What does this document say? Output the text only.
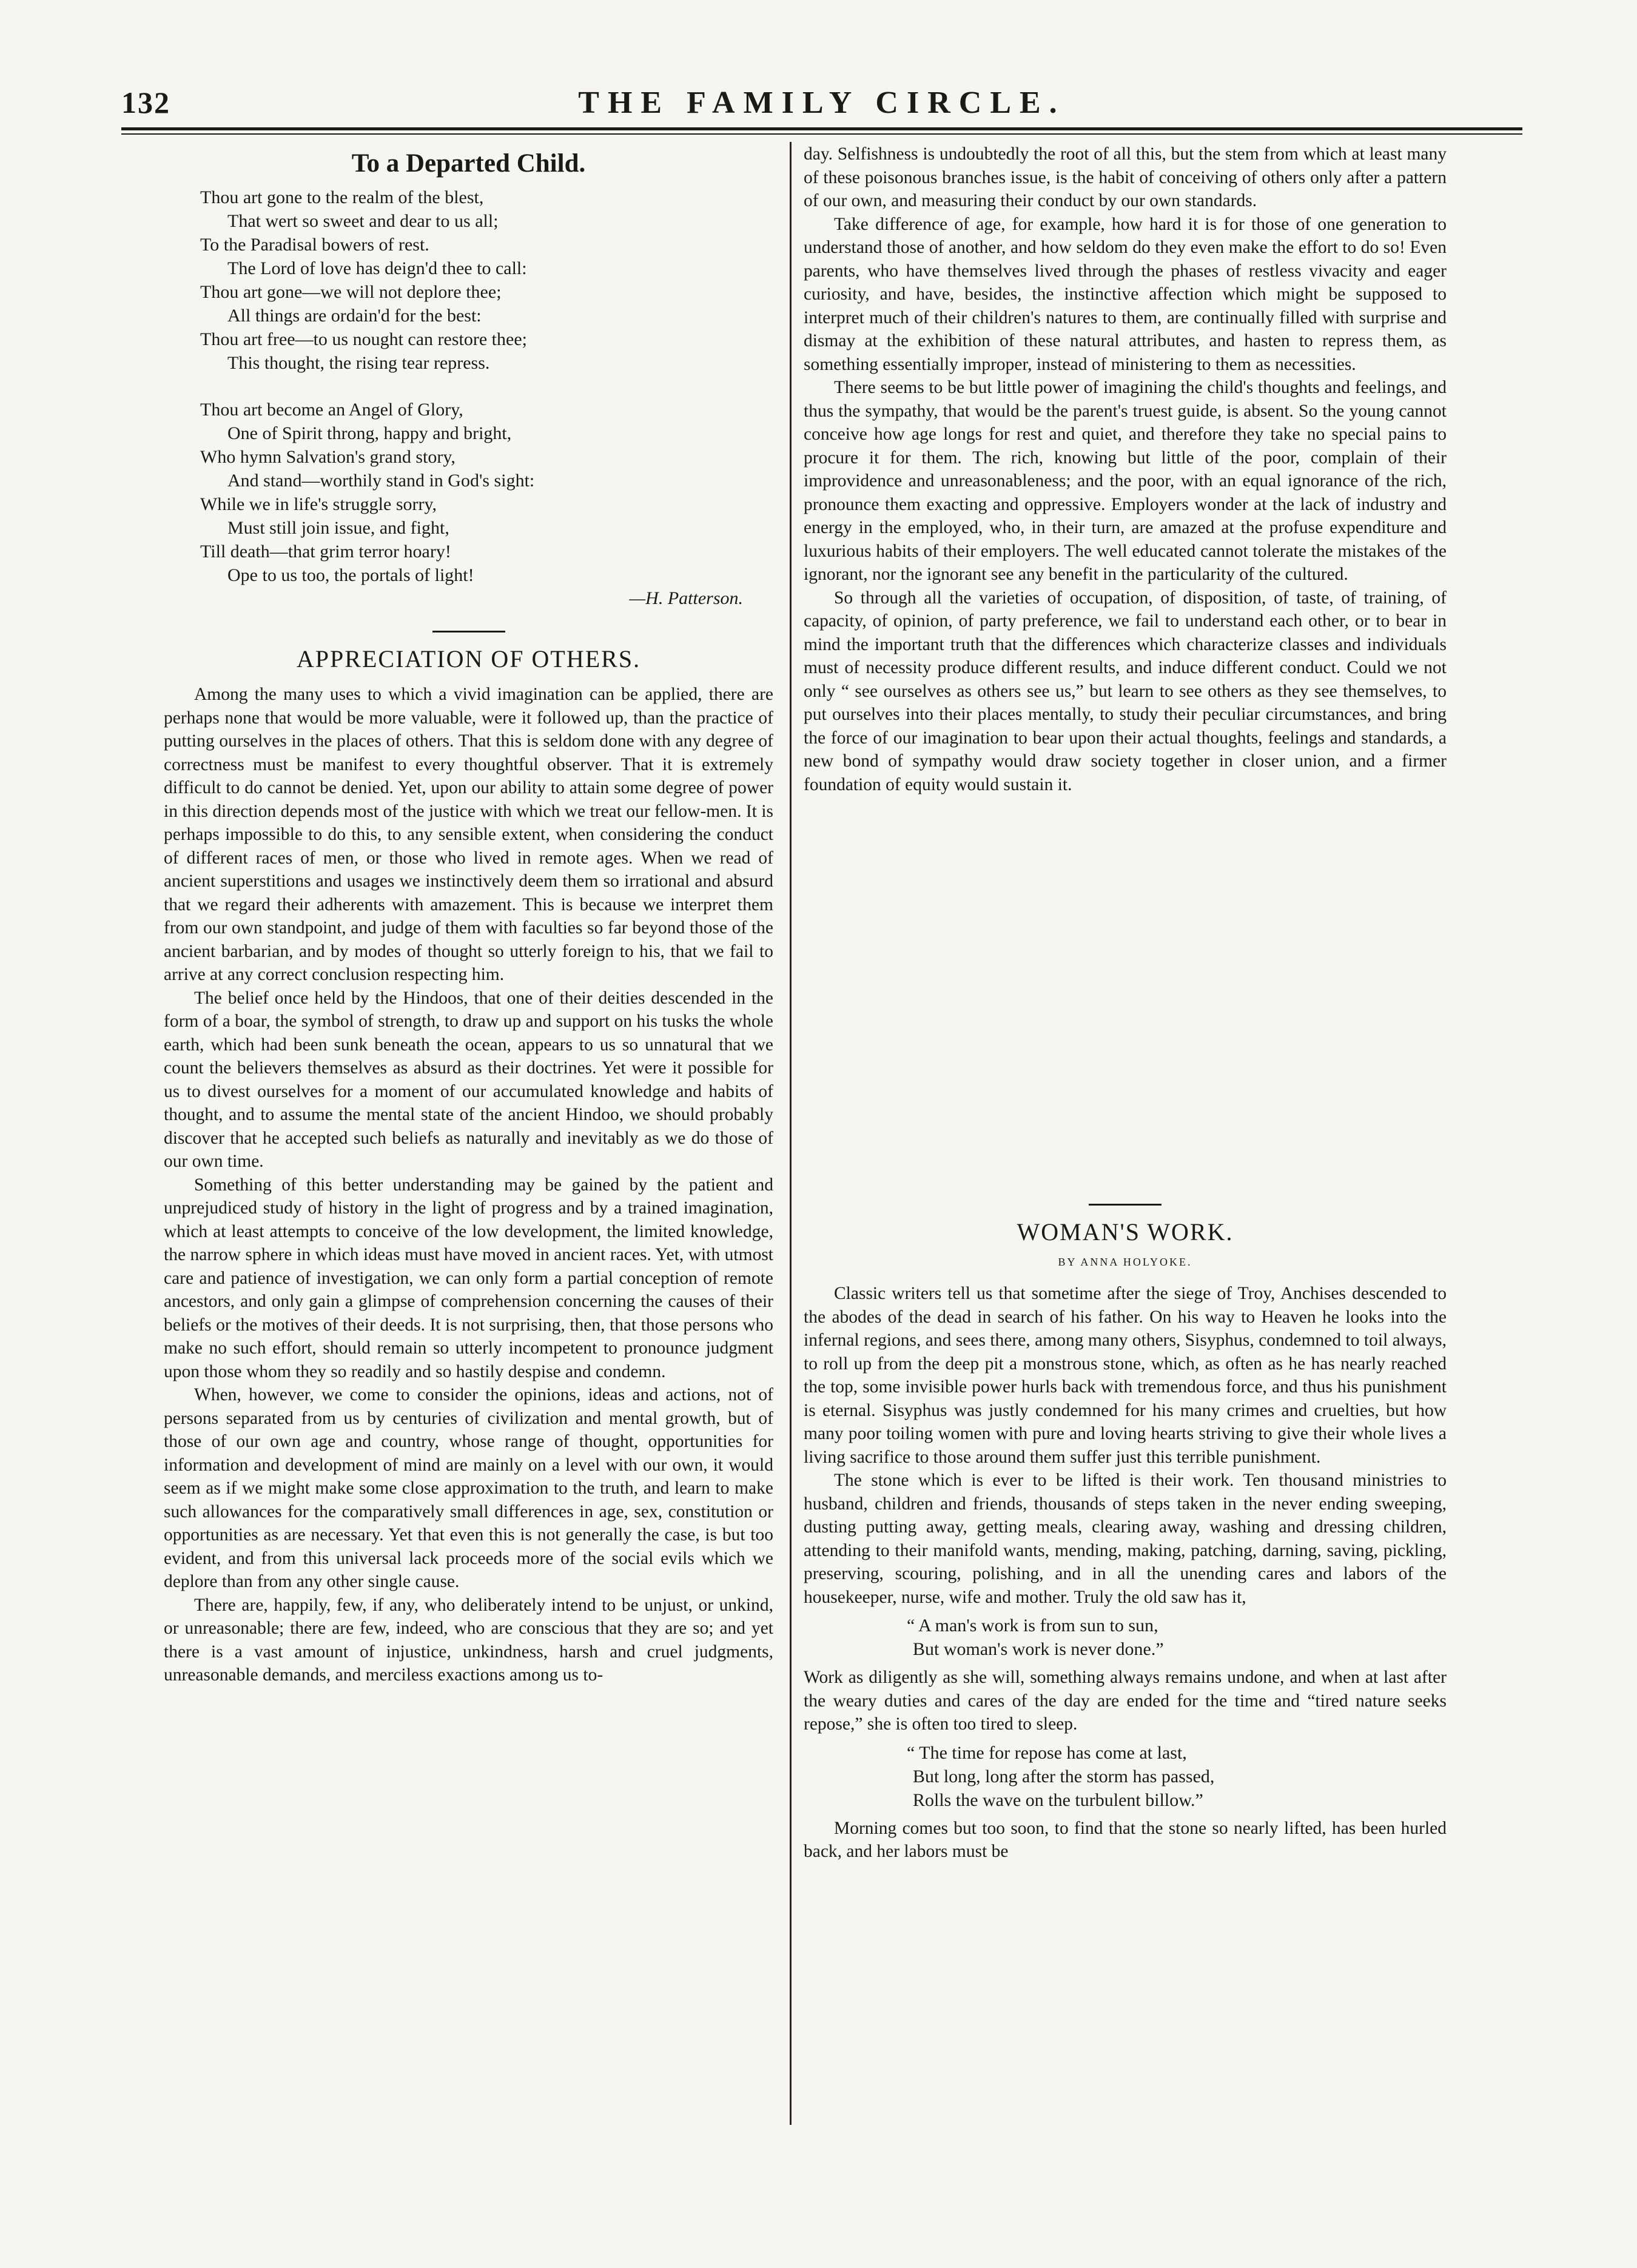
132	THE FAMILY CIRCLE.
To a Departed Child.
Thou art gone to the realm of the blest,
That wert so sweet and dear to us all;
To the Paradisal bowers of rest.
The Lord of love has deign'd thee to call:
Thou art gone—we will not deplore thee;
All things are ordain'd for the best:
Thou art free—to us nought can restore thee;
This thought, the rising tear repress.
Thou art become an Angel of Glory,
One of Spirit throng, happy and bright,
Who hymn Salvation's grand story,
And stand—worthily stand in God's sight:
While we in life's struggle sorry,
Must still join issue, and fight,
Till death—that grim terror hoary!
Ope to us too, the portals of light!
—H. Patterson.
APPRECIATION OF OTHERS.

Among the many uses to which a vivid imagination can be applied, there are perhaps none that would be more valuable, were it followed up, than the practice of putting ourselves in the places of others. That this is seldom done with any degree of correctness must be manifest to every thoughtful observer. That it is extremely difficult to do cannot be denied. Yet, upon our ability to attain some degree of power in this direction depends most of the justice with which we treat our fellow-men. It is perhaps impossible to do this, to any sensible extent, when considering the conduct of different races of men, or those who lived in remote ages. When we read of ancient superstitions and usages we instinctively deem them so irrational and absurd that we regard their adherents with amazement. This is because we interpret them from our own standpoint, and judge of them with faculties so far beyond those of the ancient barbarian, and by modes of thought so utterly foreign to his, that we fail to arrive at any correct conclusion respecting him.

The belief once held by the Hindoos, that one of their deities descended in the form of a boar, the symbol of strength, to draw up and support on his tusks the whole earth, which had been sunk beneath the ocean, appears to us so unnatural that we count the believers themselves as absurd as their doctrines. Yet were it possible for us to divest ourselves for a moment of our accumulated knowledge and habits of thought, and to assume the mental state of the ancient Hindoo, we should probably discover that he accepted such beliefs as naturally and inevitably as we do those of our own time.

Something of this better understanding may be gained by the patient and unprejudiced study of history in the light of progress and by a trained imagination, which at least attempts to conceive of the low development, the limited knowledge, the narrow sphere in which ideas must have moved in ancient races. Yet, with utmost care and patience of investigation, we can only form a partial conception of remote ancestors, and only gain a glimpse of comprehension concerning the causes of their beliefs or the motives of their deeds. It is not surprising, then, that those persons who make no such effort, should remain so utterly incompetent to pronounce judgment upon those whom they so readily and so hastily despise and condemn.

When, however, we come to consider the opinions, ideas and actions, not of persons separated from us by centuries of civilization and mental growth, but of those of our own age and country, whose range of thought, opportunities for information and development of mind are mainly on a level with our own, it would seem as if we might make some close approximation to the truth, and learn to make such allowances for the comparatively small differences in age, sex, constitution or opportunities as are necessary. Yet that even this is not generally the case, is but too evident, and from this universal lack proceeds more of the social evils which we deplore than from any other single cause.

There are, happily, few, if any, who deliberately intend to be unjust, or unkind, or unreasonable; there are few, indeed, who are conscious that they are so; and yet there is a vast amount of injustice, unkindness, harsh and cruel judgments, unreasonable demands, and merciless exactions among us to-

day. Selfishness is undoubtedly the root of all this, but the stem from which at least many of these poisonous branches issue, is the habit of conceiving of others only after a pattern of our own, and measuring their conduct by our own standards.

Take difference of age, for example, how hard it is for those of one generation to understand those of another, and how seldom do they even make the effort to do so! Even parents, who have themselves lived through the phases of restless vivacity and eager curiosity, and have, besides, the instinctive affection which might be supposed to interpret much of their children's natures to them, are continually filled with surprise and dismay at the exhibition of these natural attributes, and hasten to repress them, as something essentially improper, instead of ministering to them as necessities.

There seems to be but little power of imagining the child's thoughts and feelings, and thus the sympathy, that would be the parent's truest guide, is absent. So the young cannot conceive how age longs for rest and quiet, and therefore they take no special pains to procure it for them. The rich, knowing but little of the poor, complain of their improvidence and unreasonableness; and the poor, with an equal ignorance of the rich, pronounce them exacting and oppressive. Employers wonder at the lack of industry and energy in the employed, who, in their turn, are amazed at the profuse expenditure and luxurious habits of their employers. The well educated cannot tolerate the mistakes of the ignorant, nor the ignorant see any benefit in the particularity of the cultured.

So through all the varieties of occupation, of disposition, of taste, of training, of capacity, of opinion, of party preference, we fail to understand each other, or to bear in mind the important truth that the differences which characterize classes and individuals must of necessity produce different results, and induce different conduct. Could we not only “ see ourselves as others see us,” but learn to see others as they see themselves, to put ourselves into their places mentally, to study their peculiar circumstances, and bring the force of our imagination to bear upon their actual thoughts, feelings and standards, a new bond of sympathy would draw society together in closer union, and a firmer foundation of equity would sustain it.

WOMAN'S WORK.
BY ANNA HOLYOKE.

Classic writers tell us that sometime after the siege of Troy, Anchises descended to the abodes of the dead in search of his father. On his way to Heaven he looks into the infernal regions, and sees there, among many others, Sisyphus, condemned to toil always, to roll up from the deep pit a monstrous stone, which, as often as he has nearly reached the top, some invisible power hurls back with tremendous force, and thus his punishment is eternal. Sisyphus was justly condemned for his many crimes and cruelties, but how many poor toiling women with pure and loving hearts striving to give their whole lives a living sacrifice to those around them suffer just this terrible punishment.

The stone which is ever to be lifted is their work. Ten thousand ministries to husband, children and friends, thousands of steps taken in the never ending sweeping, dusting putting away, getting meals, clearing away, washing and dressing children, attending to their manifold wants, mending, making, patching, darning, saving, pickling, preserving, scouring, polishing, and in all the unending cares and labors of the housekeeper, nurse, wife and mother. Truly the old saw has it,

“ A man's work is from sun to sun,
But woman's work is never done.”

Work as diligently as she will, something always remains undone, and when at last after the weary duties and cares of the day are ended for the time and “tired nature seeks repose,” she is often too tired to sleep.

“ The time for repose has come at last,
But long, long after the storm has passed,
Rolls the wave on the turbulent billow.”

Morning comes but too soon, to find that the stone so nearly lifted, has been hurled back, and her labors must be
